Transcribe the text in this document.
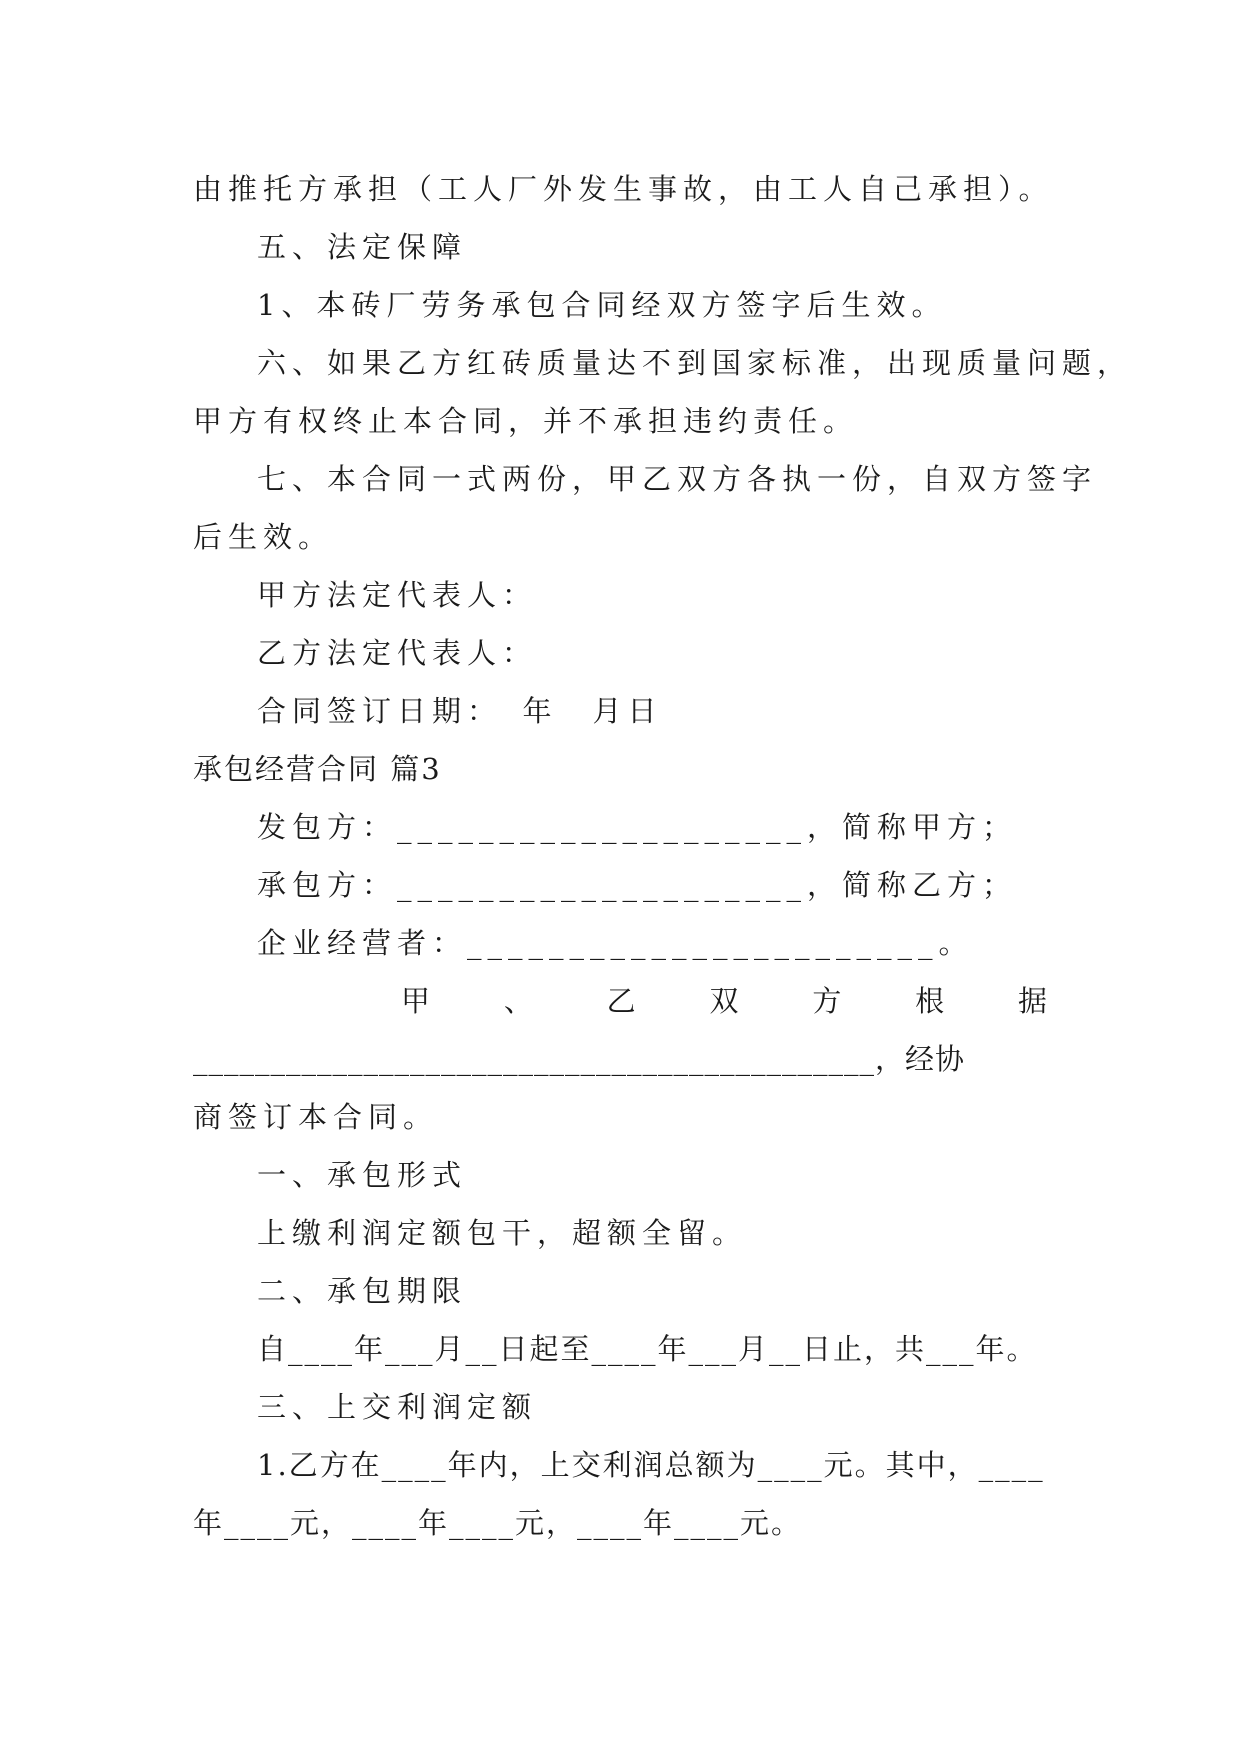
由推托方承担（工人厂外发生事故，由工人自己承担）。
五、法定保障
1、本砖厂劳务承包合同经双方签字后生效。
六、如果乙方红砖质量达不到国家标准，出现质量问题，
甲方有权终止本合同，并不承担违约责任。
七、本合同一式两份，甲乙双方各执一份，自双方签字
后生效。
甲方法定代表人：
乙方法定代表人：
合同签订日期：　年　月日
承包经营合同 篇3
发包方：____________________，简称甲方；
承包方：____________________，简称乙方；
企业经营者：_______________________。
甲 、 乙 双 方 根 据
____________________________________________，经协
商签订本合同。
一、承包形式
上缴利润定额包干，超额全留。
二、承包期限
自____年___月__日起至____年___月__日止，共___年。
三、上交利润定额
1.乙方在____年内，上交利润总额为____元。其中，____
年____元，____年____元，____年____元。
